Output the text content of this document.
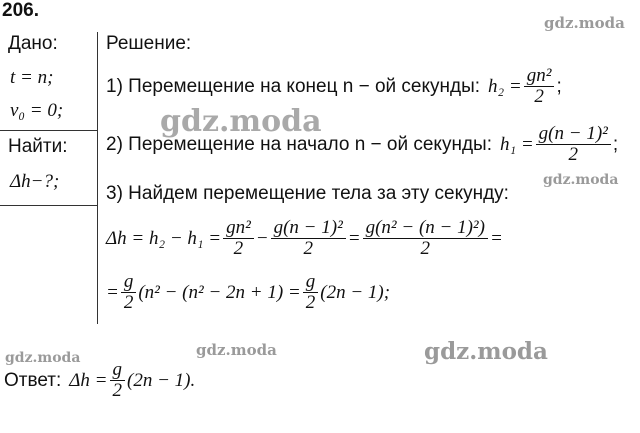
206.
Дано:
t = n;
v₀ = 0;
Найти:
Δh−?;
Решение:
1) Перемещение на конец n − ой секунды: $h_2 = \frac{\text{gn²}}{2}$ ;
2) Перемещение на начало n − ой секунды: $h_1 = \frac{\text{g(n − 1)²}}{2}$ ;
3) Найдем перемещение тела за эту секунду:
$\Delta h = h_2 - h_1 = \frac{\text{gn²}}{2} - \frac{\text{g(n − 1)²}}{2} = \frac{\text{g(n² − (n − 1)²)}}{2}$ =
= $\frac{g}{2} (n^2 - (n^2 - 2n + 1) = \frac{g}{2} (2n - 1)$;
Ответ: $\Delta h = \frac{g}{2} (2n - 1)$.
gdz.moda
gdz.moda
gdz.moda
gdz.moda	gdz.moda	gdz.moda
